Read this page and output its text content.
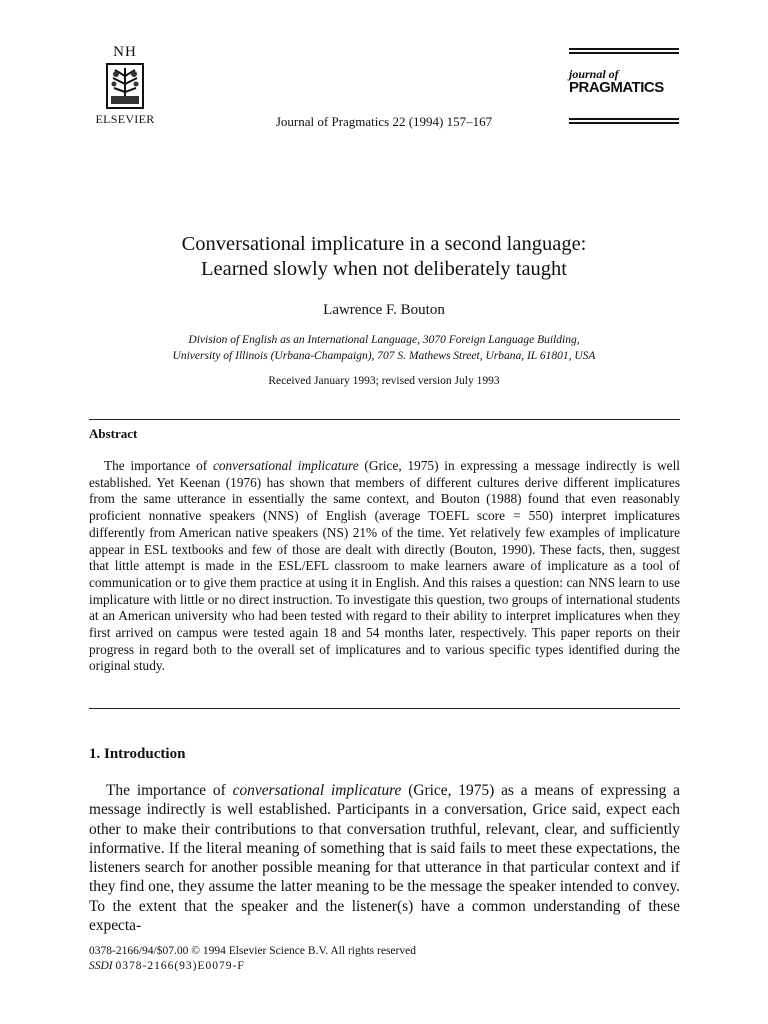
NH
ELSEVIER	Journal of Pragmatics 22 (1994) 157–167
journal of
PRAGMATICS
Conversational implicature in a second language:
Learned slowly when not deliberately taught
Lawrence F. Bouton
Division of English as an International Language, 3070 Foreign Language Building,
University of Illinois (Urbana-Champaign), 707 S. Mathews Street, Urbana, IL 61801, USA
Received January 1993; revised version July 1993
Abstract
The importance of conversational implicature (Grice, 1975) in expressing a message indirectly is well established. Yet Keenan (1976) has shown that members of different cultures derive different implicatures from the same utterance in essentially the same context, and Bouton (1988) found that even reasonably proficient nonnative speakers (NNS) of English (average TOEFL score = 550) interpret implicatures differently from American native speakers (NS) 21% of the time. Yet relatively few examples of implicature appear in ESL textbooks and few of those are dealt with directly (Bouton, 1990). These facts, then, suggest that little attempt is made in the ESL/EFL classroom to make learners aware of implicature as a tool of communication or to give them practice at using it in English. And this raises a question: can NNS learn to use implicature with little or no direct instruction. To investigate this question, two groups of international students at an American university who had been tested with regard to their ability to interpret implicatures when they first arrived on campus were tested again 18 and 54 months later, respectively. This paper reports on their progress in regard both to the overall set of implicatures and to various specific types identified during the original study.
1. Introduction
The importance of conversational implicature (Grice, 1975) as a means of expressing a message indirectly is well established. Participants in a conversation, Grice said, expect each other to make their contributions to that conversation truthful, relevant, clear, and sufficiently informative. If the literal meaning of something that is said fails to meet these expectations, the listeners search for another possible meaning for that utterance in that particular context and if they find one, they assume the latter meaning to be the message the speaker intended to convey. To the extent that the speaker and the listener(s) have a common understanding of these expecta-
0378-2166/94/$07.00 © 1994 Elsevier Science B.V. All rights reserved
SSDI 0378-2166(93)E0079-F
